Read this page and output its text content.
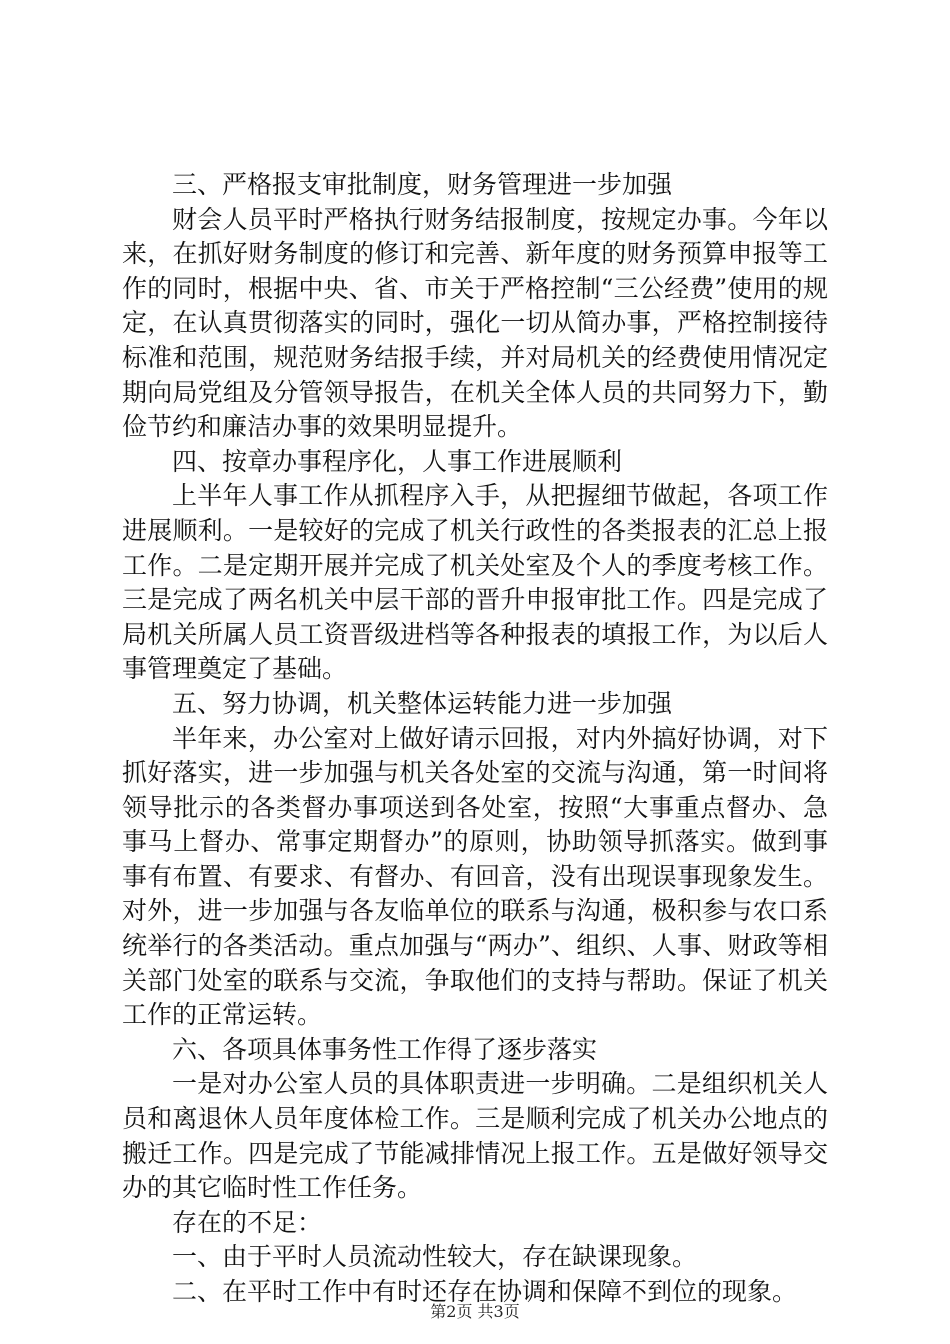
三、严格报支审批制度，财务管理进一步加强

财会人员平时严格执行财务结报制度，按规定办事。今年以来，在抓好财务制度的修订和完善、新年度的财务预算申报等工作的同时，根据中央、省、市关于严格控制“三公经费”使用的规定，在认真贯彻落实的同时，强化一切从简办事，严格控制接待标准和范围，规范财务结报手续，并对局机关的经费使用情况定期向局党组及分管领导报告，在机关全体人员的共同努力下，勤俭节约和廉洁办事的效果明显提升。

四、按章办事程序化，人事工作进展顺利

上半年人事工作从抓程序入手，从把握细节做起，各项工作进展顺利。一是较好的完成了机关行政性的各类报表的汇总上报工作。二是定期开展并完成了机关处室及个人的季度考核工作。三是完成了两名机关中层干部的晋升申报审批工作。四是完成了局机关所属人员工资晋级进档等各种报表的填报工作，为以后人事管理奠定了基础。

五、努力协调，机关整体运转能力进一步加强

半年来，办公室对上做好请示回报，对内外搞好协调，对下抓好落实，进一步加强与机关各处室的交流与沟通，第一时间将领导批示的各类督办事项送到各处室，按照“大事重点督办、急事马上督办、常事定期督办”的原则，协助领导抓落实。做到事事有布置、有要求、有督办、有回音，没有出现误事现象发生。对外，进一步加强与各友临单位的联系与沟通，极积参与农口系统举行的各类活动。重点加强与“两办”、组织、人事、财政等相关部门处室的联系与交流，争取他们的支持与帮助。保证了机关工作的正常运转。

六、各项具体事务性工作得了逐步落实

一是对办公室人员的具体职责进一步明确。二是组织机关人员和离退休人员年度体检工作。三是顺利完成了机关办公地点的搬迁工作。四是完成了节能减排情况上报工作。五是做好领导交办的其它临时性工作任务。

存在的不足：

一、由于平时人员流动性较大，存在缺课现象。

二、在平时工作中有时还存在协调和保障不到位的现象。

第2页 共3页
